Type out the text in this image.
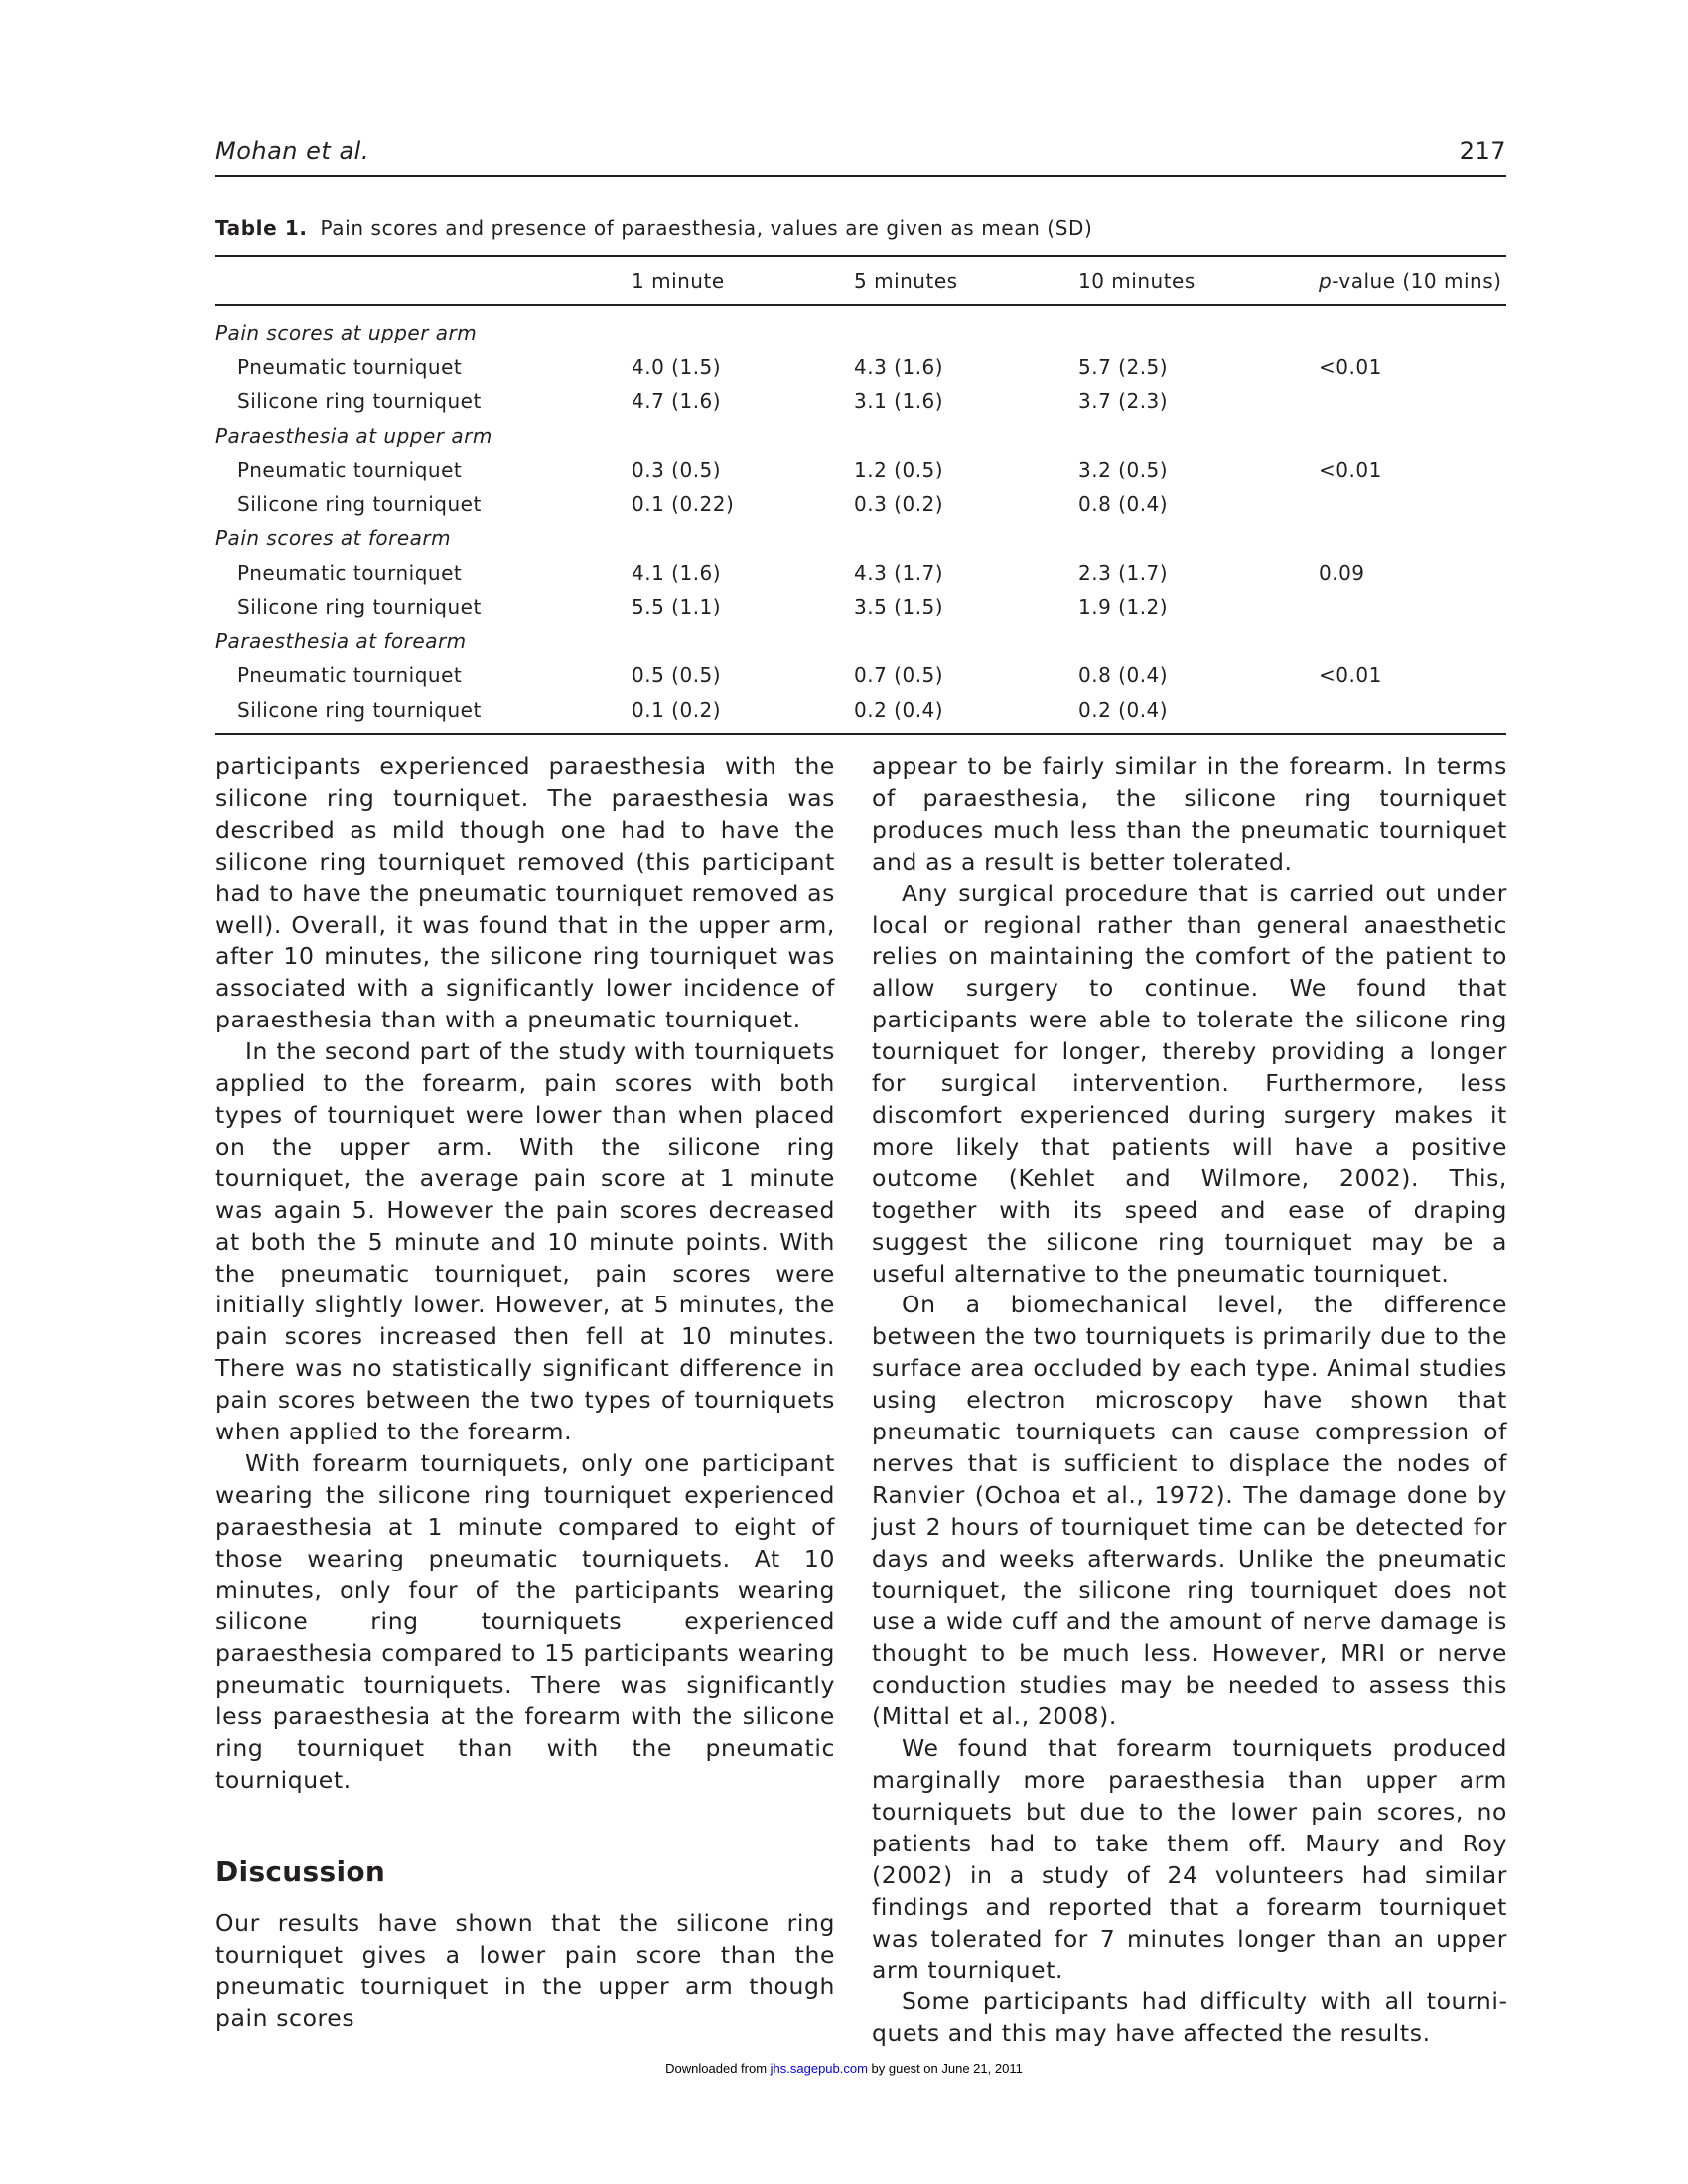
Mohan et al.	217
Table 1. Pain scores and presence of paraesthesia, values are given as mean (SD)
	1 minute	5 minutes	10 minutes	p-value (10 mins)
Pain scores at upper arm				
Pneumatic tourniquet	4.0 (1.5)	4.3 (1.6)	5.7 (2.5)	<0.01
Silicone ring tourniquet	4.7 (1.6)	3.1 (1.6)	3.7 (2.3)	
Paraesthesia at upper arm				
Pneumatic tourniquet	0.3 (0.5)	1.2 (0.5)	3.2 (0.5)	<0.01
Silicone ring tourniquet	0.1 (0.22)	0.3 (0.2)	0.8 (0.4)	
Pain scores at forearm				
Pneumatic tourniquet	4.1 (1.6)	4.3 (1.7)	2.3 (1.7)	0.09
Silicone ring tourniquet	5.5 (1.1)	3.5 (1.5)	1.9 (1.2)	
Paraesthesia at forearm				
Pneumatic tourniquet	0.5 (0.5)	0.7 (0.5)	0.8 (0.4)	<0.01
Silicone ring tourniquet	0.1 (0.2)	0.2 (0.4)	0.2 (0.4)	

participants experienced paraesthesia with the silicone ring tourniquet. The paraesthesia was described as mild though one had to have the silicone ring tourniquet removed (this participant had to have the pneumatic tourniquet removed as well). Overall, it was found that in the upper arm, after 10 minutes, the silicone ring tourniquet was associated with a significantly lower incidence of paraesthesia than with a pneumatic tourniquet.

In the second part of the study with tourniquets applied to the forearm, pain scores with both types of tourniquet were lower than when placed on the upper arm. With the silicone ring tourniquet, the average pain score at 1 minute was again 5. However the pain scores decreased at both the 5 minute and 10 minute points. With the pneumatic tourniquet, pain scores were initially slightly lower. However, at 5 minutes, the pain scores increased then fell at 10 minutes. There was no statistically significant difference in pain scores between the two types of tourniquets when applied to the forearm.

With forearm tourniquets, only one participant wearing the silicone ring tourniquet experienced paraesthesia at 1 minute compared to eight of those wearing pneumatic tourniquets. At 10 minutes, only four of the participants wearing silicone ring tourniquets experienced paraesthesia compared to 15 participants wearing pneumatic tourniquets. There was significantly less paraesthesia at the forearm with the silicone ring tourniquet than with the pneumatic tourniquet.

Discussion

Our results have shown that the silicone ring tourniquet gives a lower pain score than the pneumatic tourniquet in the upper arm though pain scores

appear to be fairly similar in the forearm. In terms of paraesthesia, the silicone ring tourniquet produces much less than the pneumatic tourniquet and as a result is better tolerated.

Any surgical procedure that is carried out under local or regional rather than general anaesthetic relies on maintaining the comfort of the patient to allow surgery to continue. We found that participants were able to tolerate the silicone ring tourniquet for longer, thereby providing a longer for surgical intervention. Furthermore, less discomfort experienced during surgery makes it more likely that patients will have a positive outcome (Kehlet and Wilmore, 2002). This, together with its speed and ease of draping suggest the silicone ring tourniquet may be a useful alternative to the pneumatic tourniquet.

On a biomechanical level, the difference between the two tourniquets is primarily due to the surface area occluded by each type. Animal studies using electron microscopy have shown that pneumatic tourniquets can cause compression of nerves that is sufficient to displace the nodes of Ranvier (Ochoa et al., 1972). The damage done by just 2 hours of tourniquet time can be detected for days and weeks afterwards. Unlike the pneumatic tourniquet, the silicone ring tourniquet does not use a wide cuff and the amount of nerve damage is thought to be much less. However, MRI or nerve conduction studies may be needed to assess this (Mittal et al., 2008).

We found that forearm tourniquets produced marginally more paraesthesia than upper arm tourniquets but due to the lower pain scores, no patients had to take them off. Maury and Roy (2002) in a study of 24 volunteers had similar findings and reported that a forearm tourniquet was tolerated for 7 minutes longer than an upper arm tourniquet.

Some participants had difficulty with all tourniquets and this may have affected the results.

Downloaded from jhs.sagepub.com by guest on June 21, 2011
